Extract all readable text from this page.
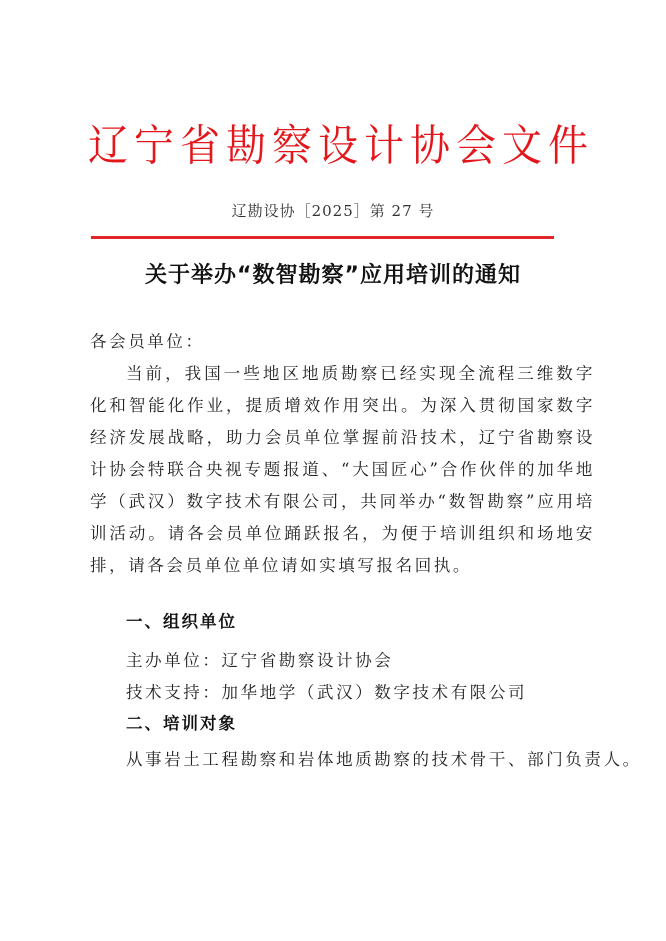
辽 宁 省 勘 察 设 计 协 会 文 件
辽勘设协［2025］第 27 号
关于举办“数智勘察”应用培训的通知
各会员单位：
当前，我国一些地区地质勘察已经实现全流程三维数字化和智能化作业，提质增效作用突出。为深入贯彻国家数字经济发展战略，助力会员单位掌握前沿技术，辽宁省勘察设计协会特联合央视专题报道、“大国匠心”合作伙伴的加华地学（武汉）数字技术有限公司，共同举办“数智勘察”应用培训活动。请各会员单位踊跃报名，为便于培训组织和场地安排，请各会员单位单位请如实填写报名回执。
一、组织单位
主办单位：辽宁省勘察设计协会
技术支持：加华地学（武汉）数字技术有限公司
二、培训对象
从事岩土工程勘察和岩体地质勘察的技术骨干、部门负责人。
